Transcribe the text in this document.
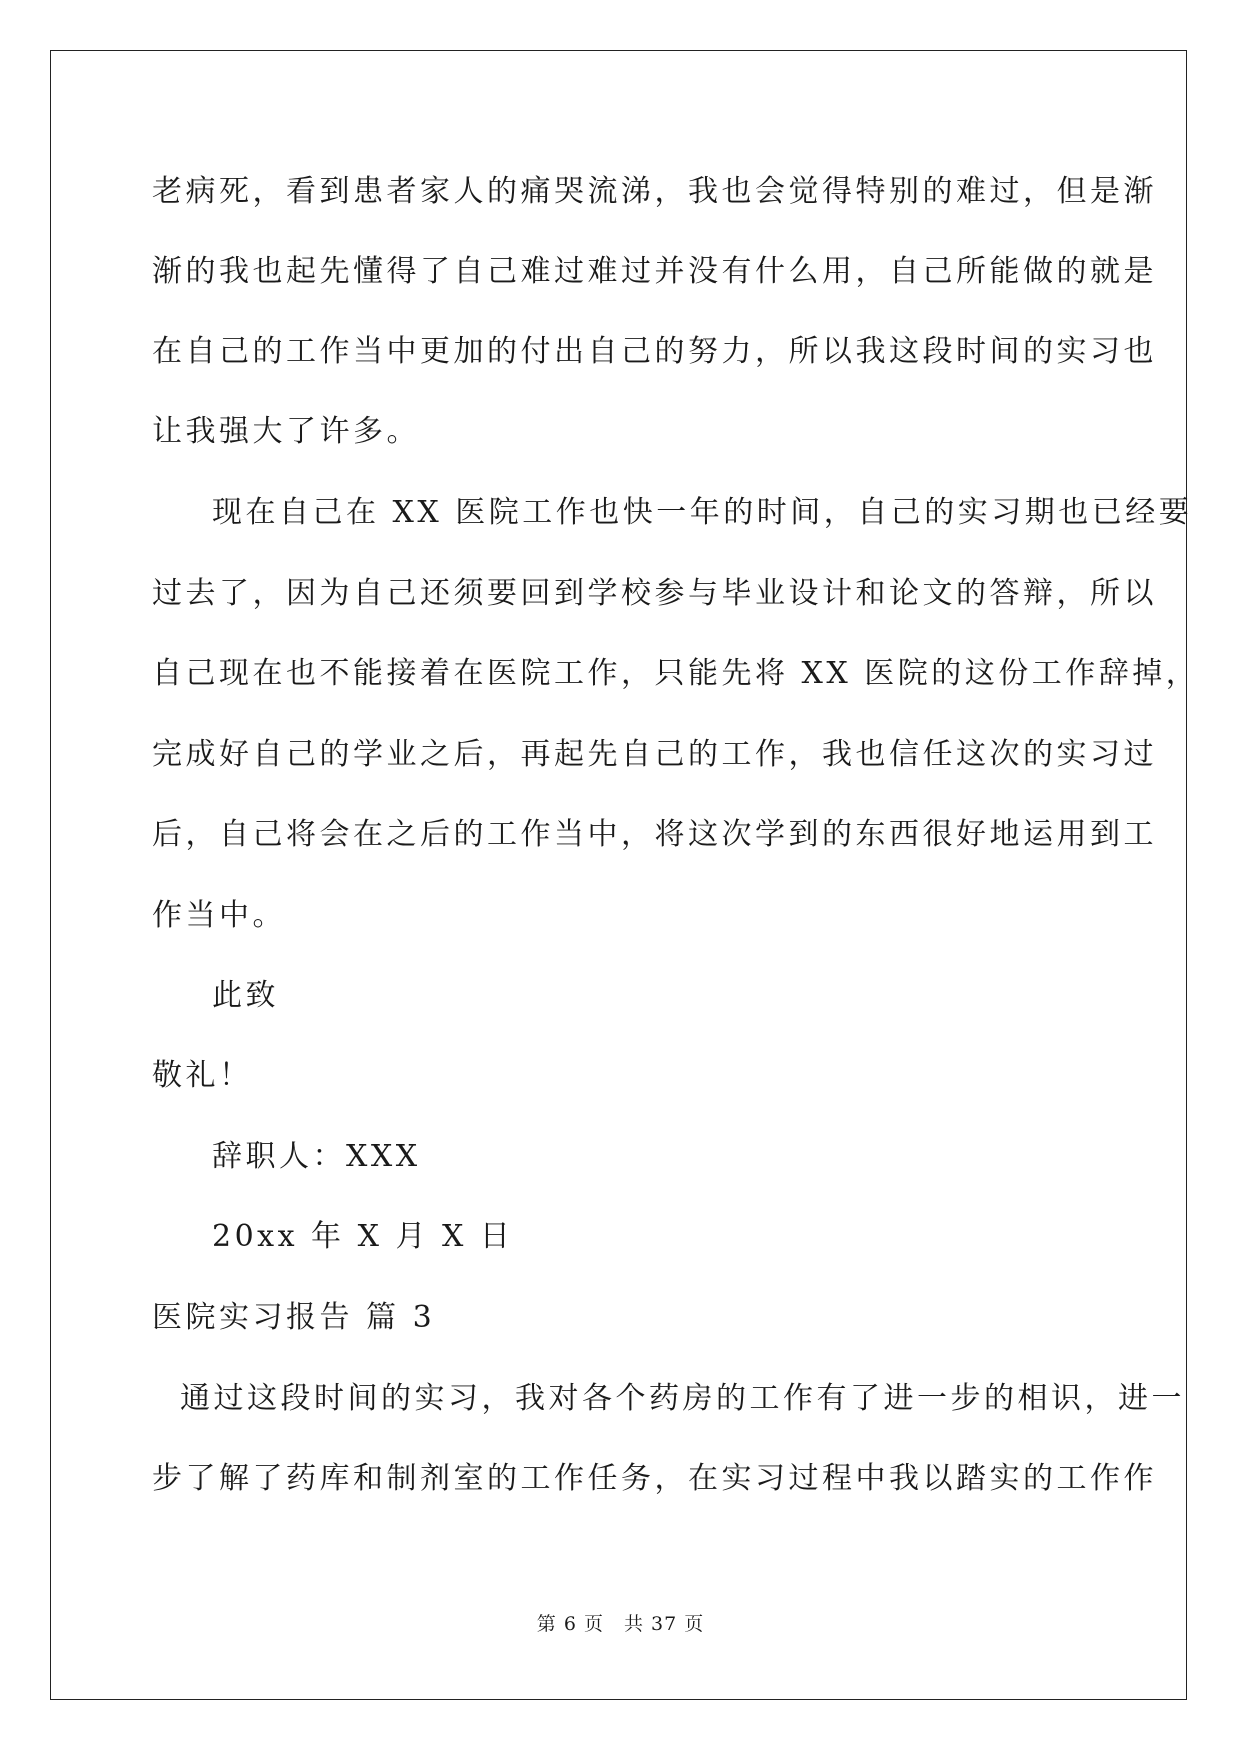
老病死，看到患者家人的痛哭流涕，我也会觉得特别的难过，但是渐
渐的我也起先懂得了自己难过难过并没有什么用，自己所能做的就是
在自己的工作当中更加的付出自己的努力，所以我这段时间的实习也
让我强大了许多。
现在自己在 XX 医院工作也快一年的时间，自己的实习期也已经要
过去了，因为自己还须要回到学校参与毕业设计和论文的答辩，所以
自己现在也不能接着在医院工作，只能先将 XX 医院的这份工作辞掉，
完成好自己的学业之后，再起先自己的工作，我也信任这次的实习过
后，自己将会在之后的工作当中，将这次学到的东西很好地运用到工
作当中。
此致
敬礼！
辞职人：XXX
20xx 年 X 月 X 日
医院实习报告 篇 3
通过这段时间的实习，我对各个药房的工作有了进一步的相识，进一
步了解了药库和制剂室的工作任务，在实习过程中我以踏实的工作作
第 6 页　共 37 页
